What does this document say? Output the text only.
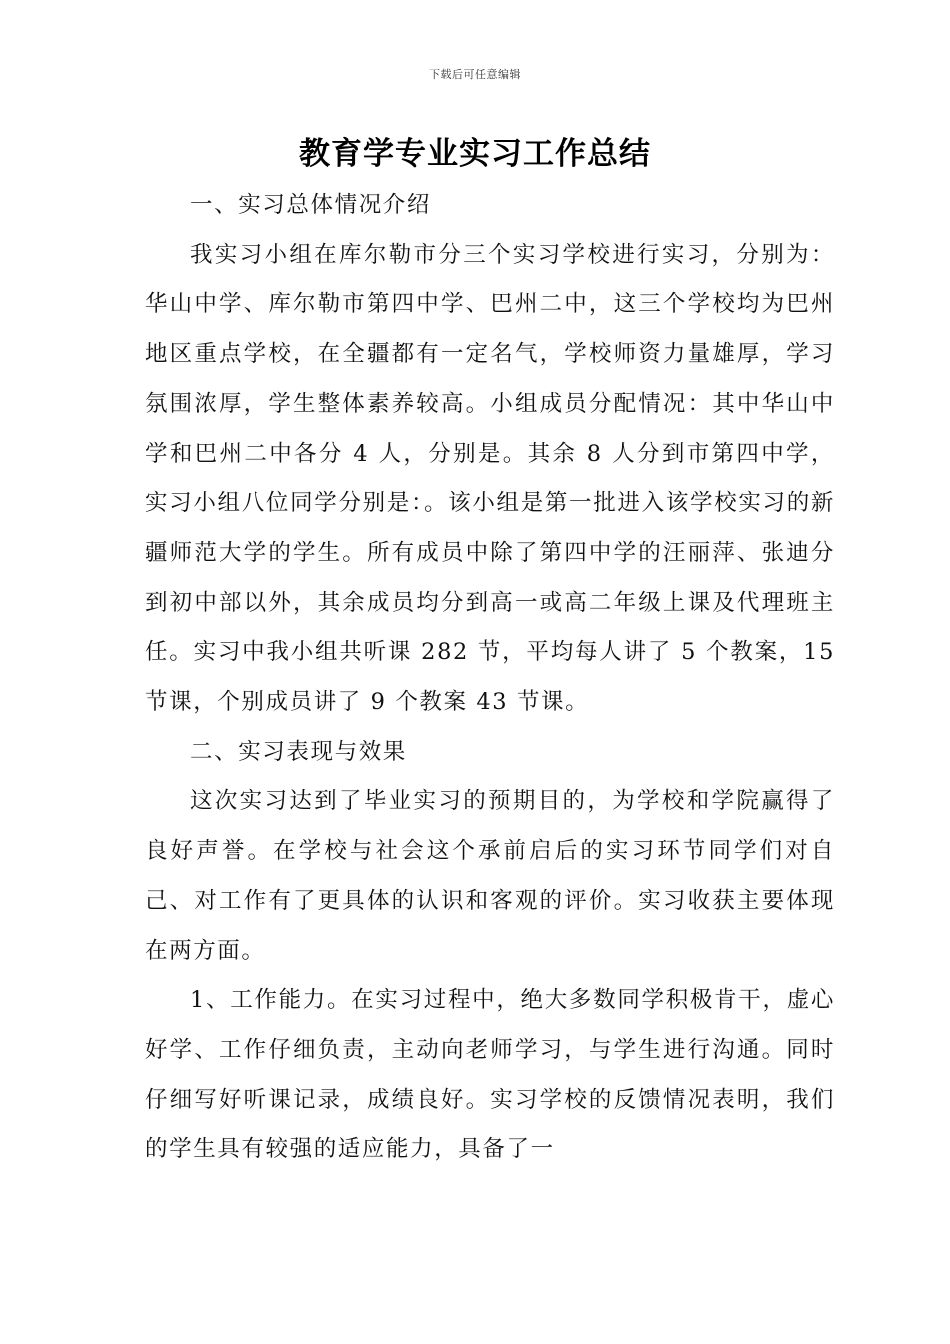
下载后可任意编辑
教育学专业实习工作总结

一、实习总体情况介绍

我实习小组在库尔勒市分三个实习学校进行实习，分别为：华山中学、库尔勒市第四中学、巴州二中，这三个学校均为巴州地区重点学校，在全疆都有一定名气，学校师资力量雄厚，学习氛围浓厚，学生整体素养较高。小组成员分配情况：其中华山中学和巴州二中各分 4 人，分别是。其余 8 人分到市第四中学，实习小组八位同学分别是：。该小组是第一批进入该学校实习的新疆师范大学的学生。所有成员中除了第四中学的汪丽萍、张迪分到初中部以外，其余成员均分到高一或高二年级上课及代理班主任。实习中我小组共听课 282 节，平均每人讲了 5 个教案，15 节课，个别成员讲了 9 个教案 43 节课。

二、实习表现与效果

这次实习达到了毕业实习的预期目的，为学校和学院赢得了良好声誉。在学校与社会这个承前启后的实习环节同学们对自己、对工作有了更具体的认识和客观的评价。实习收获主要体现在两方面。

1、工作能力。在实习过程中，绝大多数同学积极肯干，虚心好学、工作仔细负责，主动向老师学习，与学生进行沟通。同时仔细写好听课记录，成绩良好。实习学校的反馈情况表明，我们的学生具有较强的适应能力，具备了一
